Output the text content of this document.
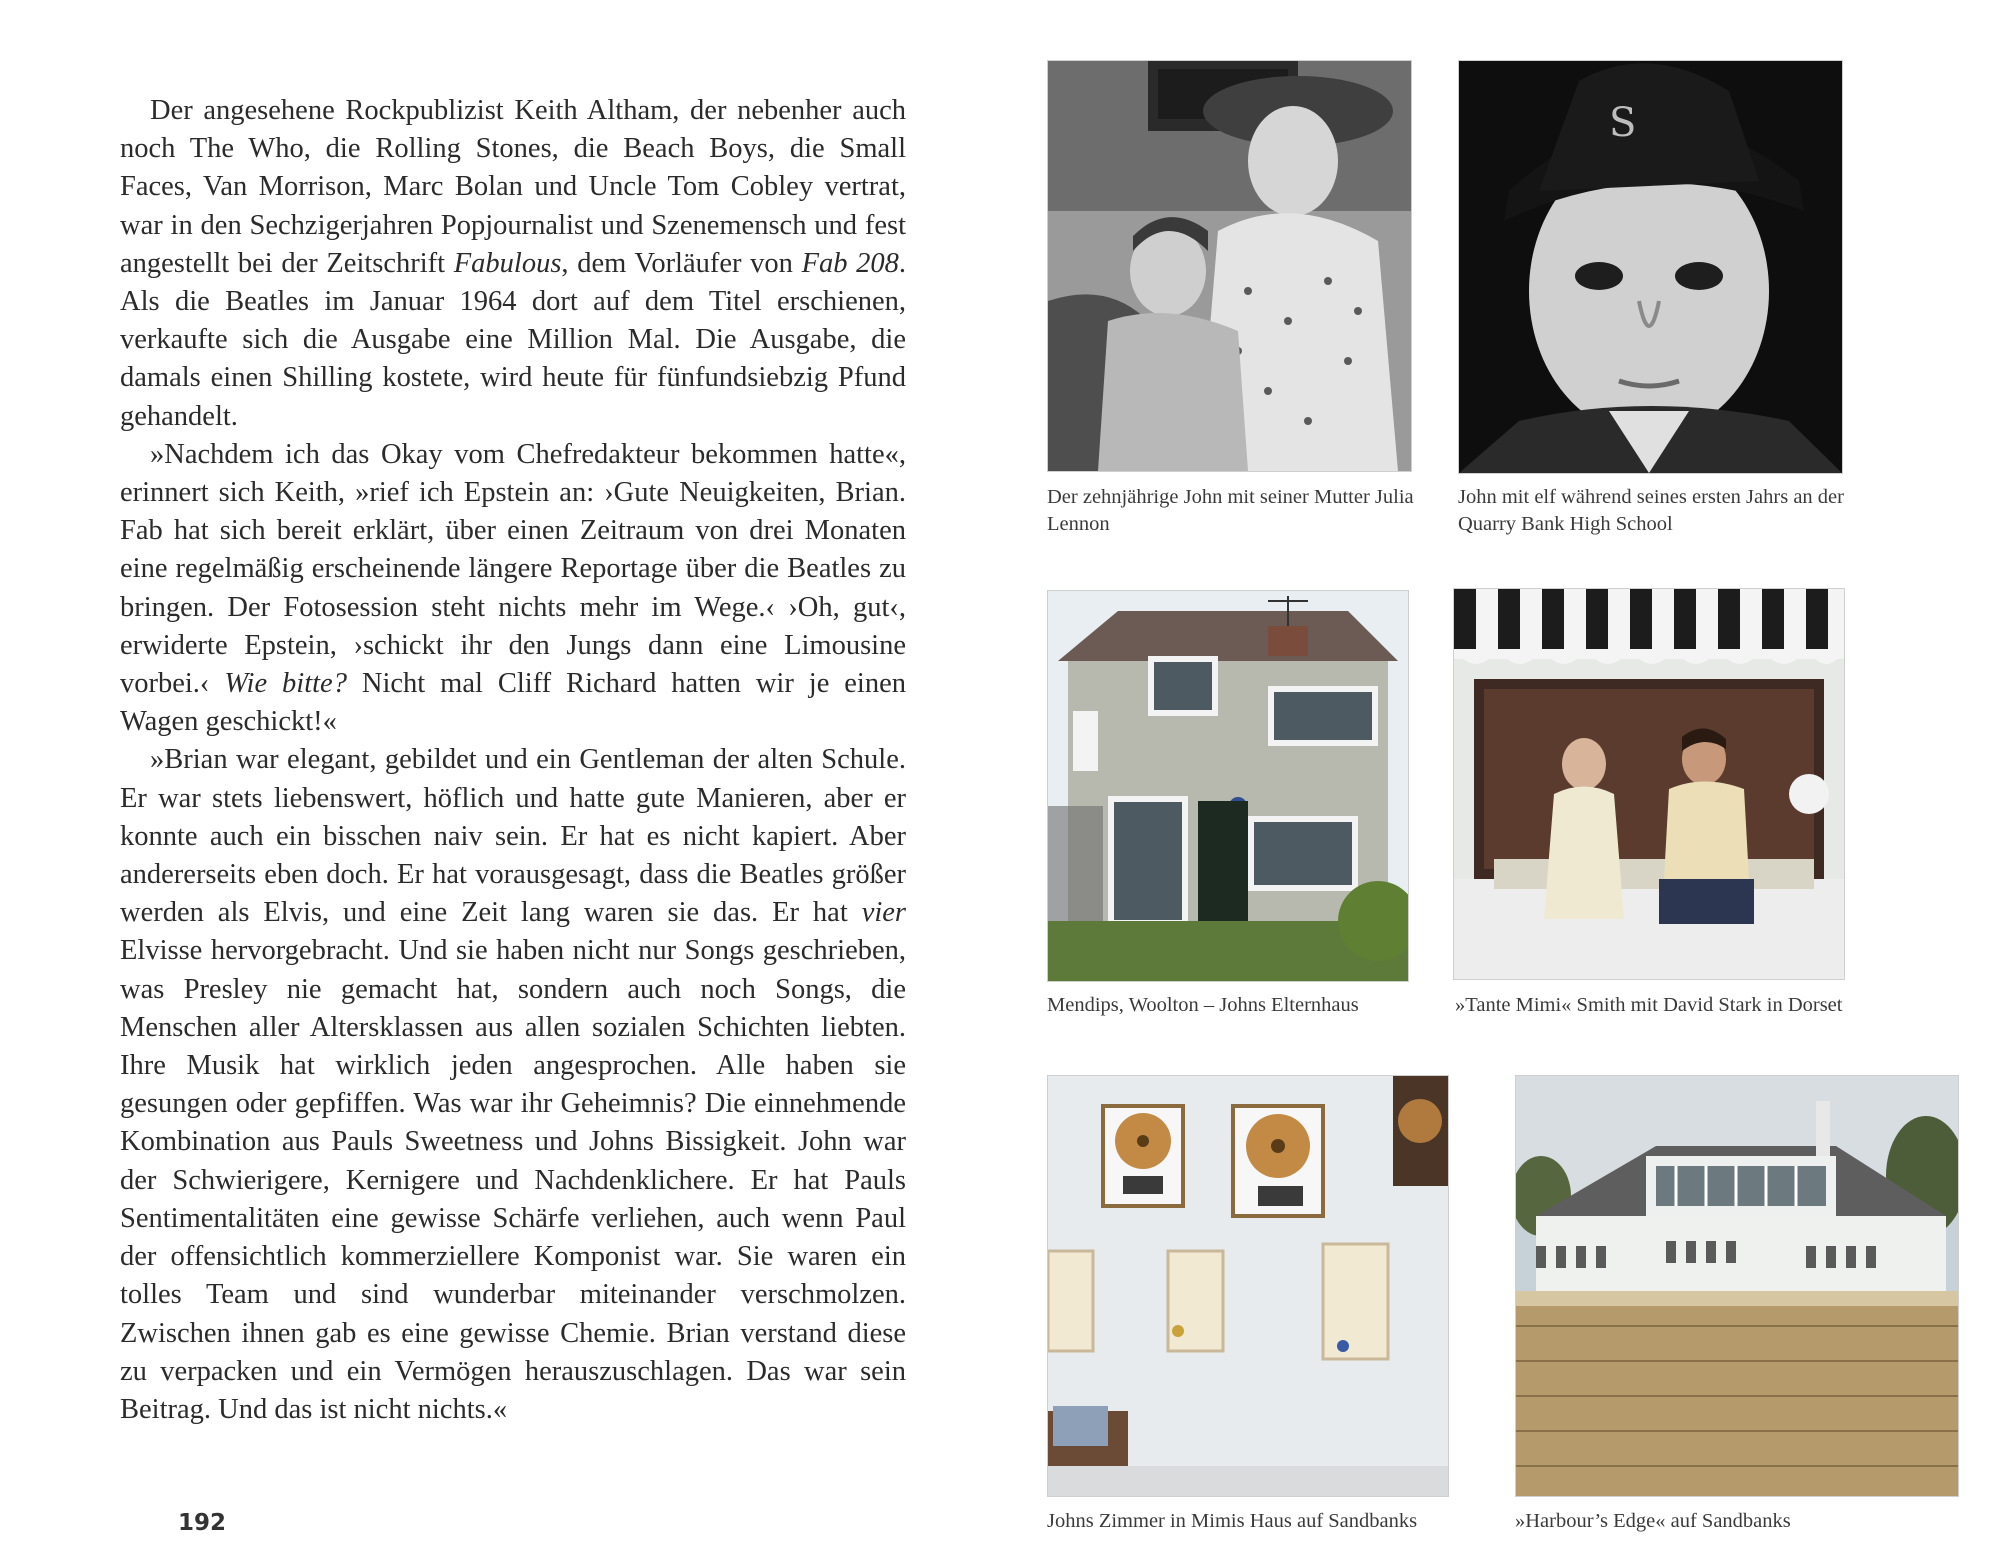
Der angesehene Rockpublizist Keith Altham, der nebenher auch noch The Who, die Rolling Stones, die Beach Boys, die Small Faces, Van Morrison, Marc Bolan und Uncle Tom Cobley vertrat, war in den Sechzigerjahren Popjournalist und Szenemensch und fest angestellt bei der Zeitschrift Fabulous, dem Vorläufer von Fab 208. Als die Beatles im Januar 1964 dort auf dem Titel erschienen, verkaufte sich die Ausgabe eine Million Mal. Die Ausgabe, die damals einen Shilling kostete, wird heute für fünfundsiebzig Pfund gehandelt.

»Nachdem ich das Okay vom Chefredakteur bekommen hatte«, erinnert sich Keith, »rief ich Epstein an: ›Gute Neuigkeiten, Brian. Fab hat sich bereit erklärt, über einen Zeitraum von drei Monaten eine regelmäßig erscheinende längere Reportage über die Beatles zu bringen. Der Fotosession steht nichts mehr im Wege.‹ ›Oh, gut‹, erwiderte Epstein, ›schickt ihr den Jungs dann eine Limousine vorbei.‹ Wie bitte? Nicht mal Cliff Richard hatten wir je einen Wagen geschickt!«

»Brian war elegant, gebildet und ein Gentleman der alten Schule. Er war stets liebenswert, höflich und hatte gute Manieren, aber er konnte auch ein bisschen naiv sein. Er hat es nicht kapiert. Aber andererseits eben doch. Er hat vorausgesagt, dass die Beatles größer werden als Elvis, und eine Zeit lang waren sie das. Er hat vier Elvisse hervorgebracht. Und sie haben nicht nur Songs geschrieben, was Presley nie gemacht hat, sondern auch noch Songs, die Menschen aller Altersklassen aus allen sozialen Schichten liebten. Ihre Musik hat wirklich jeden angesprochen. Alle haben sie gesungen oder gepfiffen. Was war ihr Geheimnis? Die einnehmende Kombination aus Pauls Sweetness und Johns Bissigkeit. John war der Schwierigere, Kernigere und Nachdenklichere. Er hat Pauls Sentimentalitäten eine gewisse Schärfe verliehen, auch wenn Paul der offensichtlich kommerziellere Komponist war. Sie waren ein tolles Team und sind wunderbar miteinander verschmolzen. Zwischen ihnen gab es eine gewisse Chemie. Brian verstand diese zu verpacken und ein Vermögen herauszuschlagen. Das war sein Beitrag. Und das ist nicht nichts.«

192
Der zehnjährige John mit seiner Mutter Julia Lennon
S
John mit elf während seines ersten Jahrs an der Quarry Bank High School
Mendips, Woolton – Johns Elternhaus	»Tante Mimi« Smith mit David Stark in Dorset
Johns Zimmer in Mimis Haus auf Sandbanks	»Harbour’s Edge« auf Sandbanks
